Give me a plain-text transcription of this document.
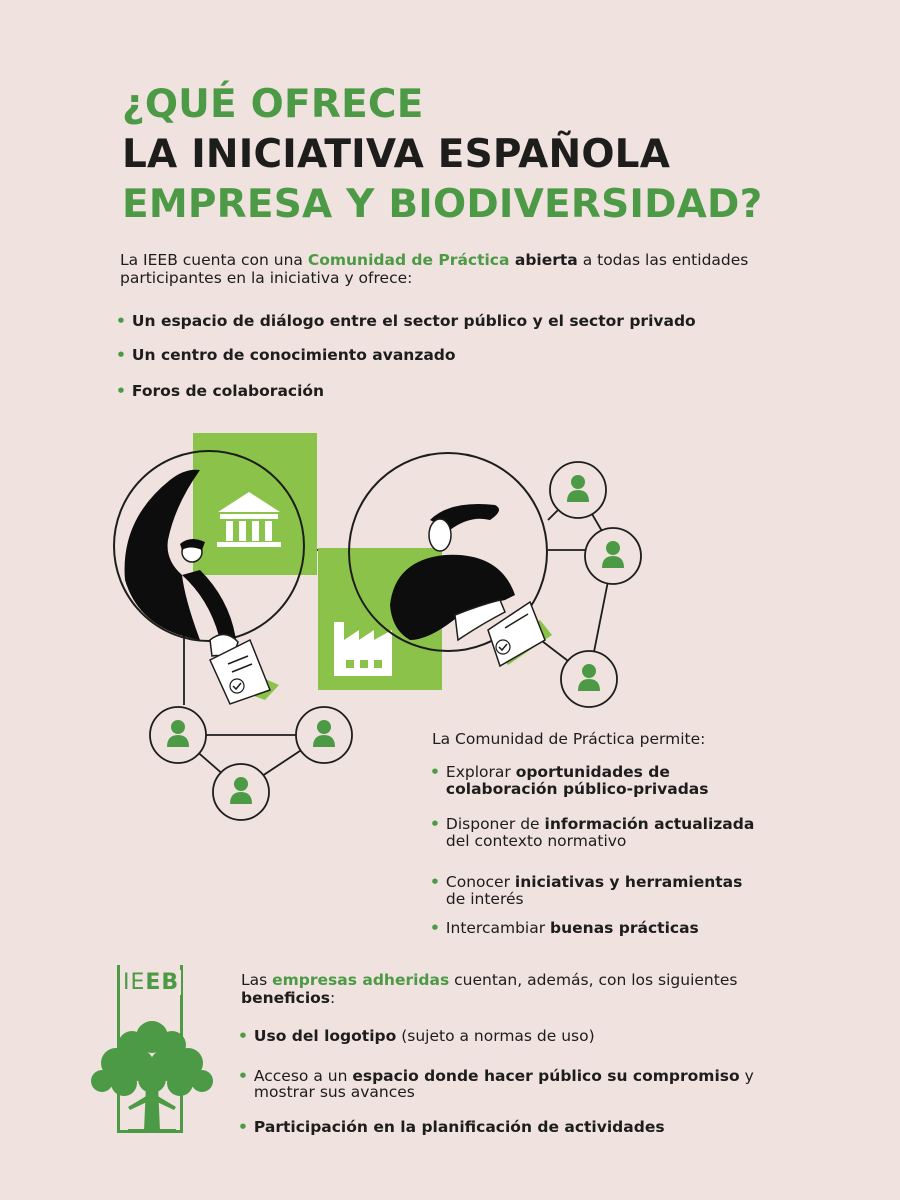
¿QUÉ OFRECE
LA INICIATIVA ESPAÑOLA
EMPRESA Y BIODIVERSIDAD?

La IEEB cuenta con una Comunidad de Práctica abierta a todas las entidades participantes en la iniciativa y ofrece:

• Un espacio de diálogo entre el sector público y el sector privado
• Un centro de conocimiento avanzado
• Foros de colaboración
La Comunidad de Práctica permite:
• Explorar oportunidades de
colaboración público-privadas
• Disponer de información actualizada
del contexto normativo
• Conocer iniciativas y herramientas
de interés
• Intercambiar buenas prácticas
IEEB	Las empresas adheridas cuentan, además, con los siguientes
beneficios:
• Uso del logotipo (sujeto a normas de uso)
• Acceso a un espacio donde hacer público su compromiso y
mostrar sus avances
• Participación en la planificación de actividades
